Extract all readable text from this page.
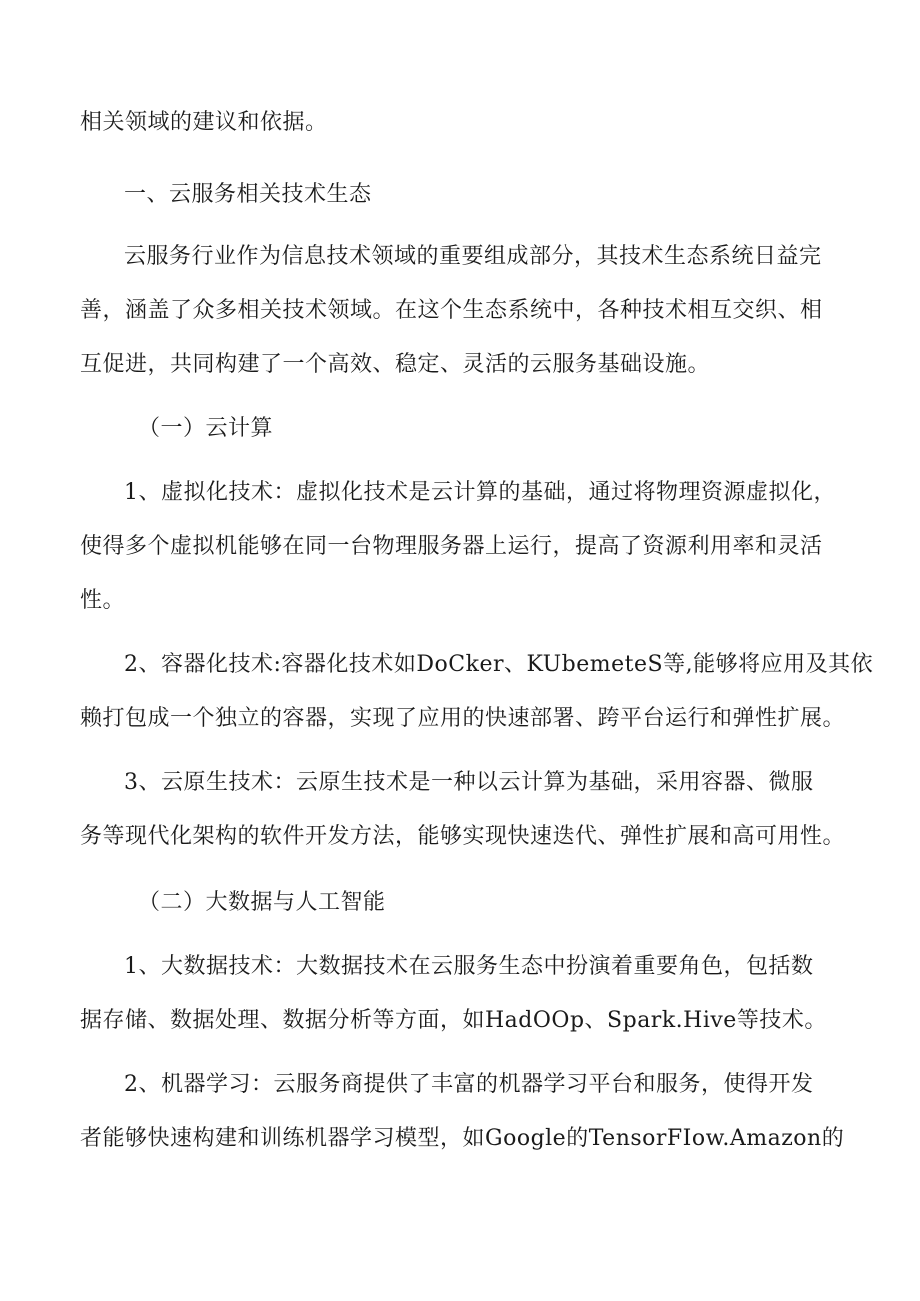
相关领域的建议和依据。
一、云服务相关技术生态
云服务行业作为信息技术领域的重要组成部分，其技术生态系统日益完
善，涵盖了众多相关技术领域。在这个生态系统中，各种技术相互交织、相
互促进，共同构建了一个高效、稳定、灵活的云服务基础设施。
（一）云计算
1、虚拟化技术：虚拟化技术是云计算的基础，通过将物理资源虚拟化，
使得多个虚拟机能够在同一台物理服务器上运行，提高了资源利用率和灵活
性。
2、容器化技术:容器化技术如DoCker、KUbemeteS等,能够将应用及其依
赖打包成一个独立的容器，实现了应用的快速部署、跨平台运行和弹性扩展。
3、云原生技术：云原生技术是一种以云计算为基础，采用容器、微服
务等现代化架构的软件开发方法，能够实现快速迭代、弹性扩展和高可用性。
（二）大数据与人工智能
1、大数据技术：大数据技术在云服务生态中扮演着重要角色，包括数
据存储、数据处理、数据分析等方面，如HadOOp、Spark.Hive等技术。
2、机器学习：云服务商提供了丰富的机器学习平台和服务，使得开发
者能够快速构建和训练机器学习模型，如Google的TensorFIow.Amazon的
